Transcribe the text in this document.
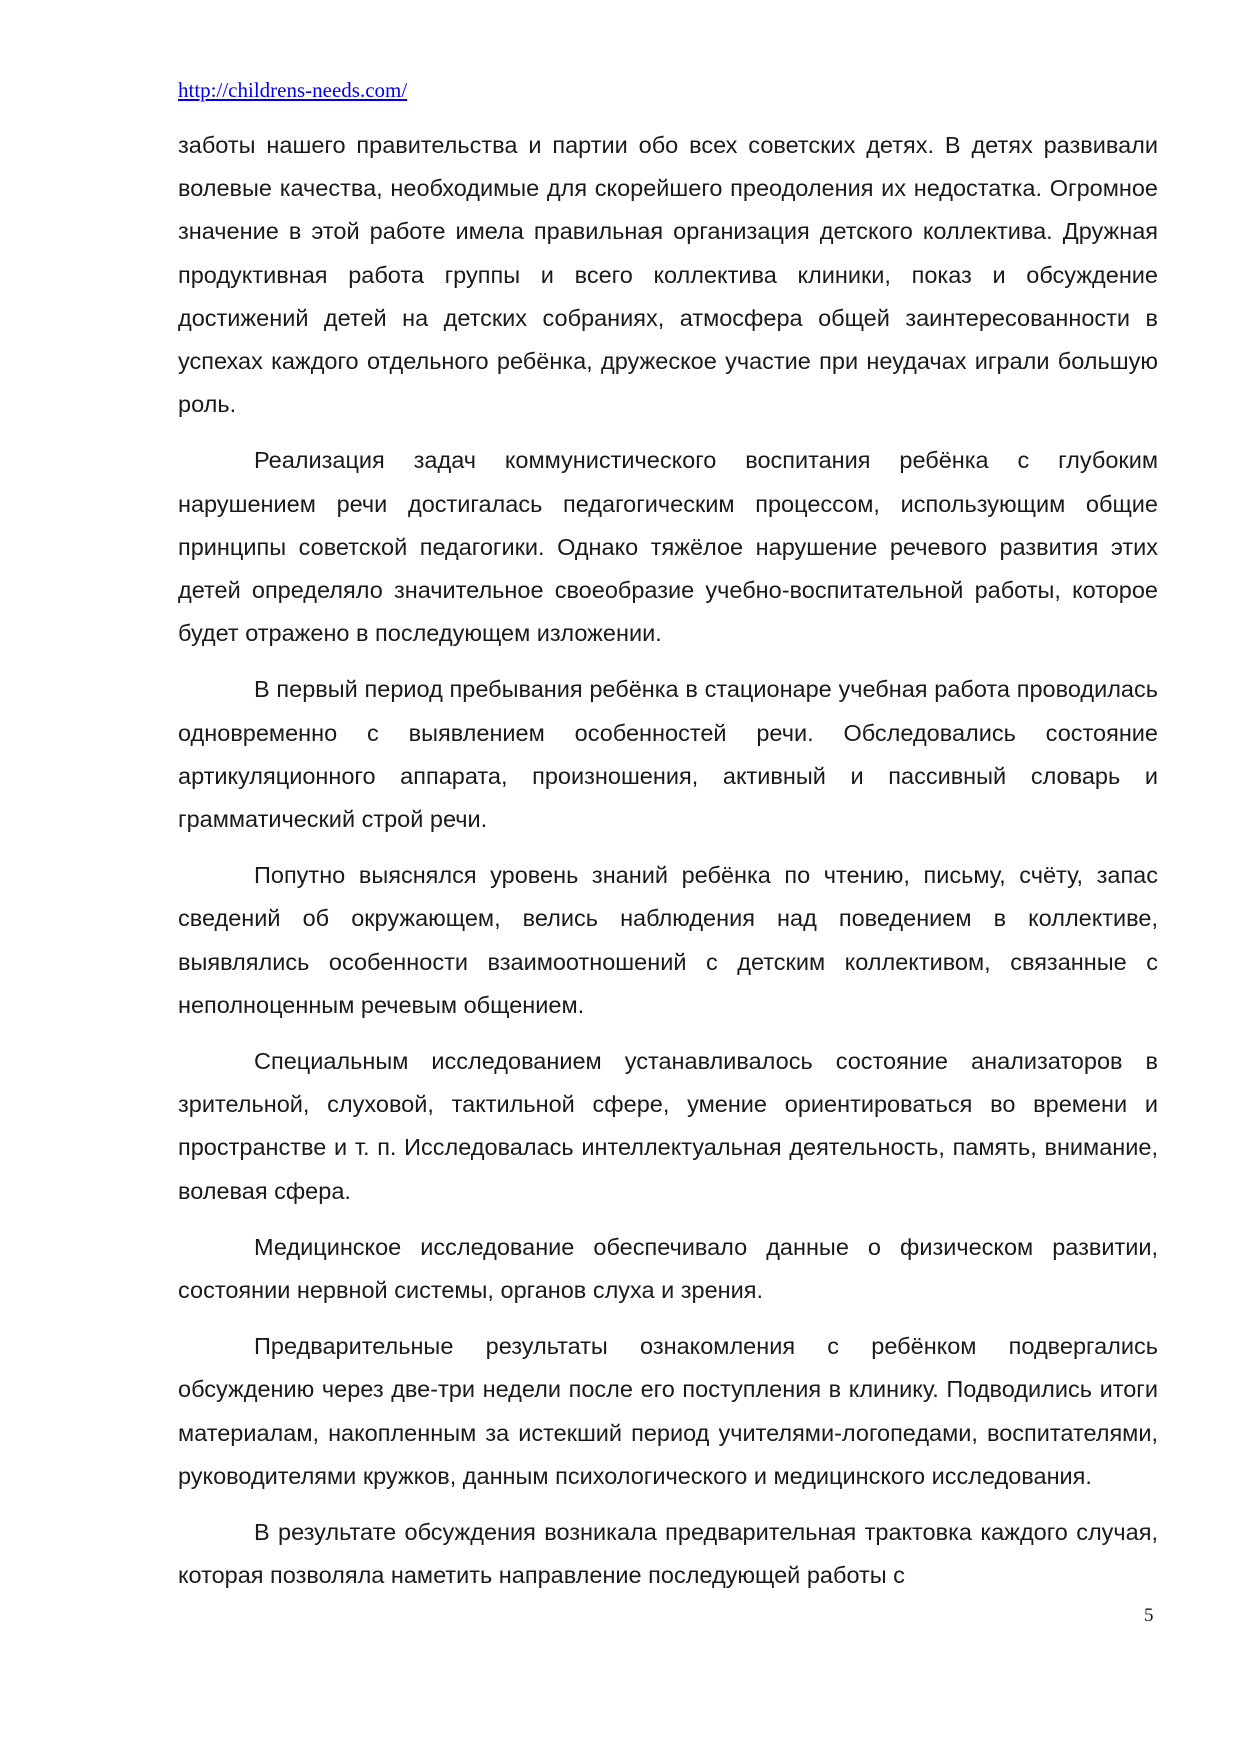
http://childrens-needs.com/

заботы нашего правительства и партии обо всех советских детях. В детях развивали волевые качества, необходимые для скорейшего преодоления их недостатка. Огромное значение в этой работе имела правильная организация детского коллектива. Дружная продуктивная работа группы и всего коллектива клиники, показ и обсуждение достижений детей на детских собраниях, атмосфера общей заинтересованности в успехах каждого отдельного ребёнка, дружеское участие при неудачах играли большую роль.

Реализация задач коммунистического воспитания ребёнка с глубоким нарушением речи достигалась педагогическим процессом, использующим общие принципы советской педагогики. Однако тяжёлое нарушение речевого развития этих детей определяло значительное своеобразие учебно-воспитательной работы, которое будет отражено в последующем изложении.

В первый период пребывания ребёнка в стационаре учебная работа проводилась одновременно с выявлением особенностей речи. Обследовались состояние артикуляционного аппарата, произношения, активный и пассивный словарь и грамматический строй речи.

Попутно выяснялся уровень знаний ребёнка по чтению, письму, счёту, запас сведений об окружающем, велись наблюдения над поведением в коллективе, выявлялись особенности взаимоотношений с детским коллективом, связанные с неполноценным речевым общением.

Специальным исследованием устанавливалось состояние анализаторов в зрительной, слуховой, тактильной сфере, умение ориентироваться во времени и пространстве и т. п. Исследовалась интеллектуальная деятельность, память, внимание, волевая сфера.

Медицинское исследование обеспечивало данные о физическом развитии, состоянии нервной системы, органов слуха и зрения.

Предварительные результаты ознакомления с ребёнком подвергались обсуждению через две-три недели после его поступления в клинику. Подводились итоги материалам, накопленным за истекший период учителями-логопедами, воспитателями, руководителями кружков, данным психологического и медицинского исследования.

В результате обсуждения возникала предварительная трактовка каждого случая, которая позволяла наметить направление последующей работы с

5
